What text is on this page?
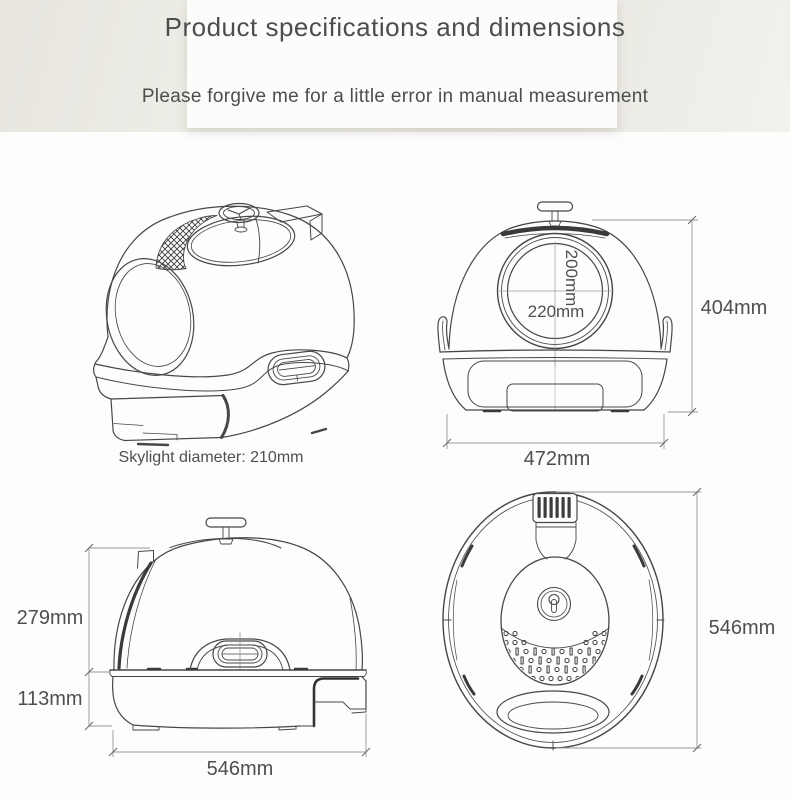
Product specifications and dimensions
Please forgive me for a little error in manual measurement
Skylight diameter: 210mm
200mm
220mm	404mm
472mm
279mm
113mm
546mm
546mm
